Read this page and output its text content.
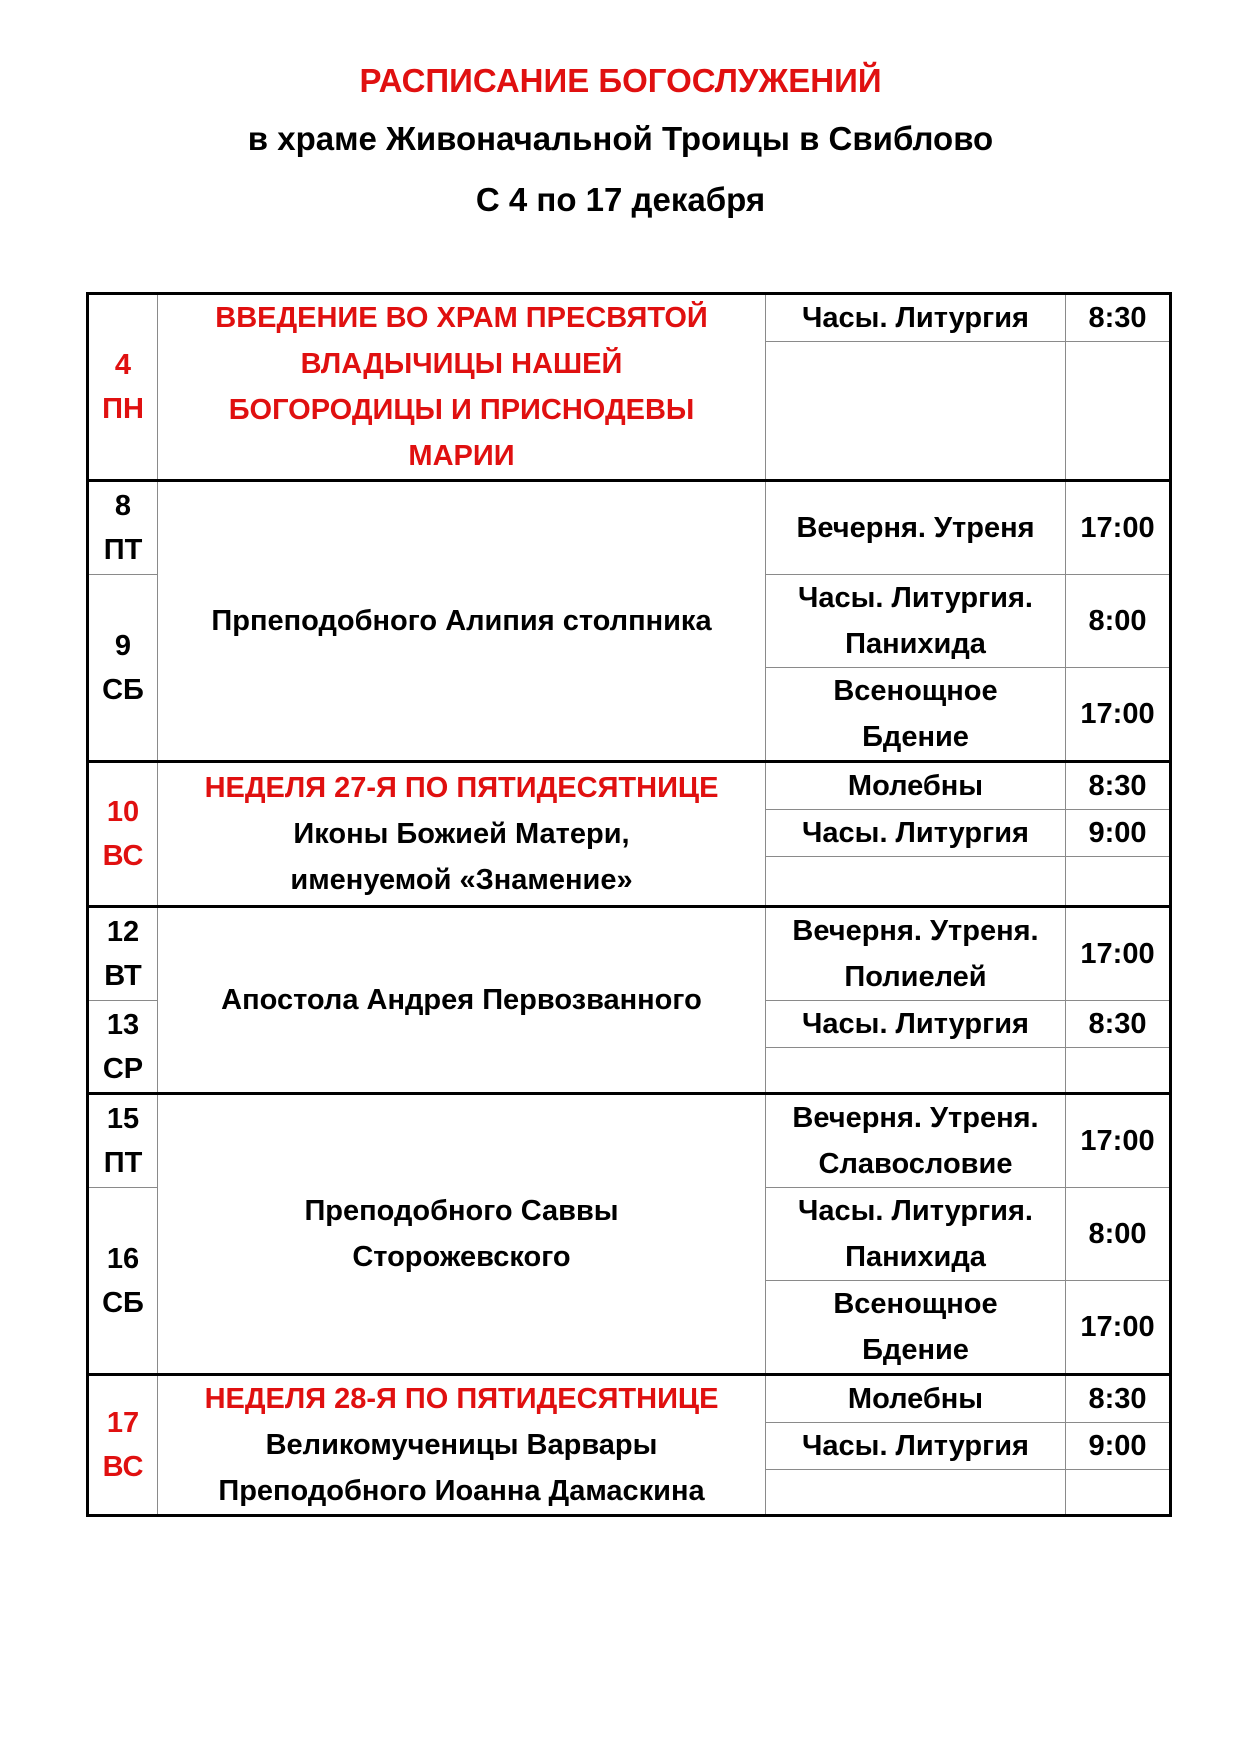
РАСПИСАНИЕ БОГОСЛУЖЕНИЙ
в храме Живоначальной Троицы в Свиблово
С 4 по 17 декабря
4
ПН	ВВЕДЕНИЕ ВО ХРАМ ПРЕСВЯТОЙ
ВЛАДЫЧИЦЫ НАШЕЙ
БОГОРОДИЦЫ И ПРИСНОДЕВЫ
МАРИИ	Часы. Литургия	8:30

8
ПТ	Прпеподобного Алипия столпника	Вечерня. Утреня	17:00

9
СБ		Часы. Литургия.
Панихида	8:00
		Всенощное
Бдение	17:00

10
ВС	НЕДЕЛЯ 27-Я ПО ПЯТИДЕСЯТНИЦЕ
Иконы Божией Матери,
именуемой «Знамение»	Молебны	8:30
		Часы. Литургия	9:00

12
ВТ	Апостола Андрея Первозванного	Вечерня. Утреня.
Полиелей	17:00

13
СР		Часы. Литургия	8:30

15
ПТ	Преподобного Саввы
Сторожевского	Вечерня. Утреня.
Славословие	17:00

16
СБ		Часы. Литургия.
Панихида	8:00
		Всенощное
Бдение	17:00

17
ВС	НЕДЕЛЯ 28-Я ПО ПЯТИДЕСЯТНИЦЕ
Великомученицы Варвары
Преподобного Иоанна Дамаскина	Молебны	8:30
		Часы. Литургия	9:00
